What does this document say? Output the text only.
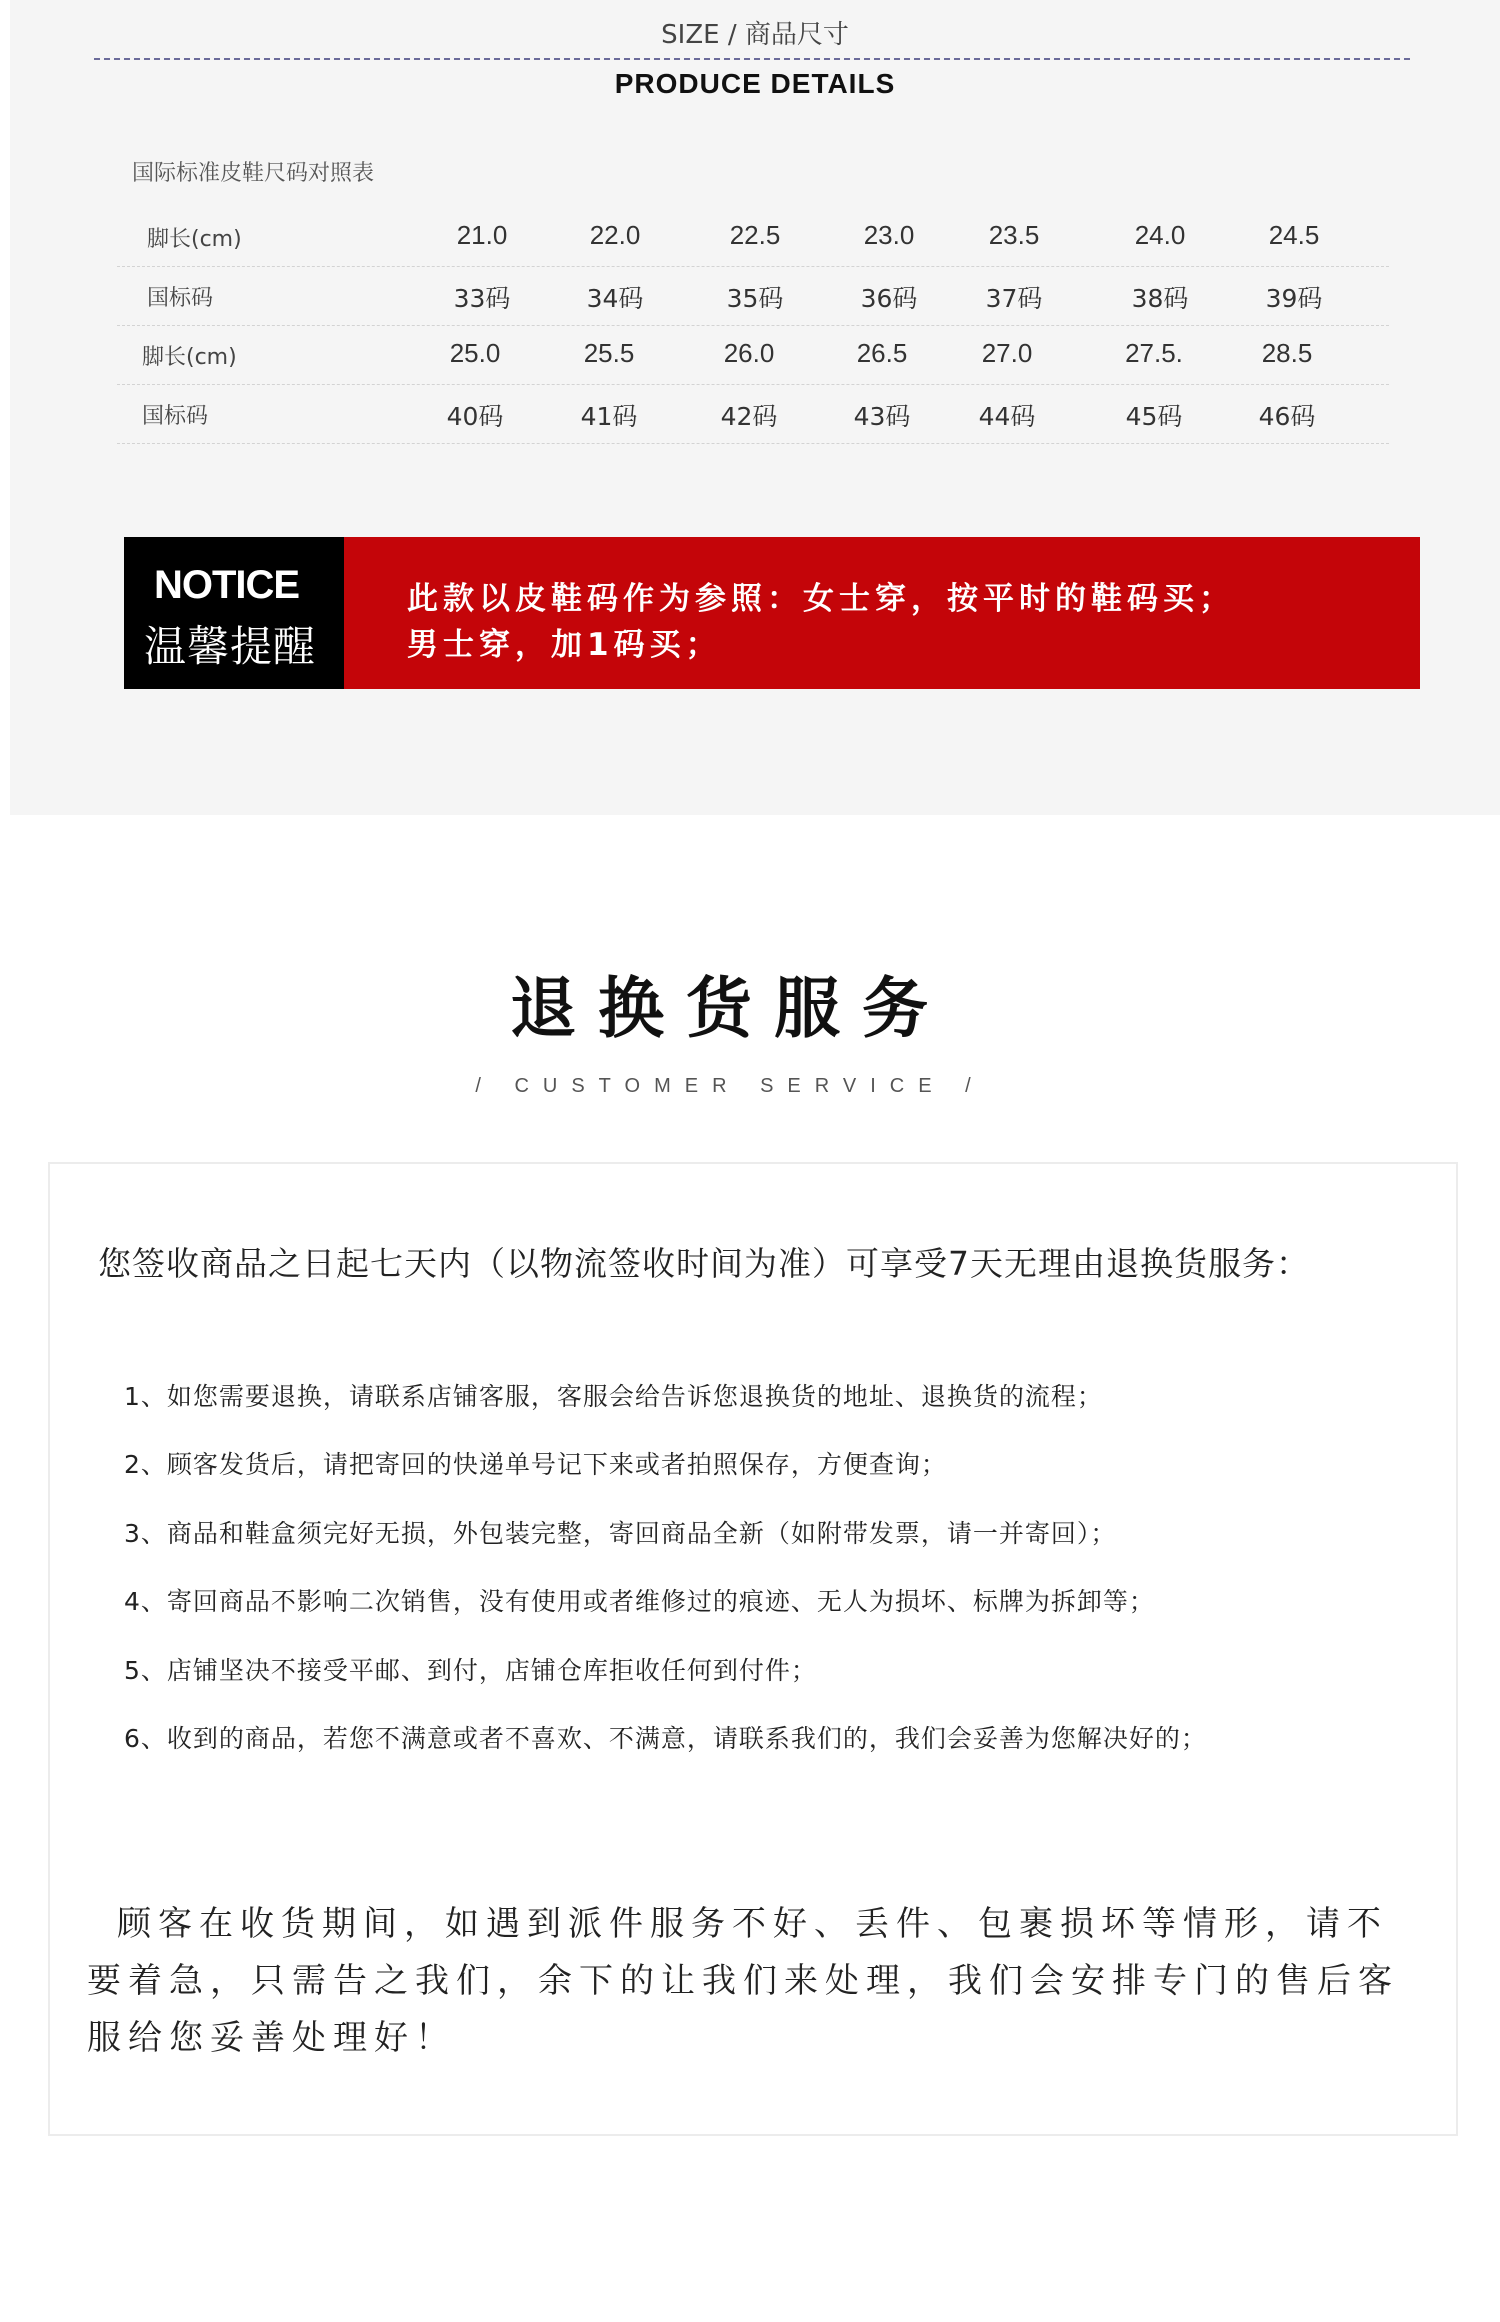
SIZE / 商品尺寸
PRODUCE DETAILS
国际标准皮鞋尺码对照表
脚长(cm)	21.0	22.0	22.5	23.0	23.5	24.0	24.5
国标码	33码	34码	35码	36码	37码	38码	39码
脚长(cm)	25.0	25.5	26.0	26.5	27.0	27.5.	28.5
国标码	40码	41码	42码	43码	44码	45码	46码
NOTICE
温馨提醒
此款以皮鞋码作为参照：女士穿，按平时的鞋码买；
男士穿，加1码买；
退换货服务
/ CUSTOMER SERVICE /
您签收商品之日起七天内（以物流签收时间为准）可享受7天无理由退换货服务：
1、如您需要退换，请联系店铺客服，客服会给告诉您退换货的地址、退换货的流程；
2、顾客发货后，请把寄回的快递单号记下来或者拍照保存，方便查询；
3、商品和鞋盒须完好无损，外包装完整，寄回商品全新（如附带发票，请一并寄回）；
4、寄回商品不影响二次销售，没有使用或者维修过的痕迹、无人为损坏、标牌为拆卸等；
5、店铺坚决不接受平邮、到付，店铺仓库拒收任何到付件；
6、收到的商品，若您不满意或者不喜欢、不满意，请联系我们的，我们会妥善为您解决好的；
顾客在收货期间，如遇到派件服务不好、丢件、包裹损坏等情形，请不要着急，只需告之我们，余下的让我们来处理，我们会安排专门的售后客服给您妥善处理好！
